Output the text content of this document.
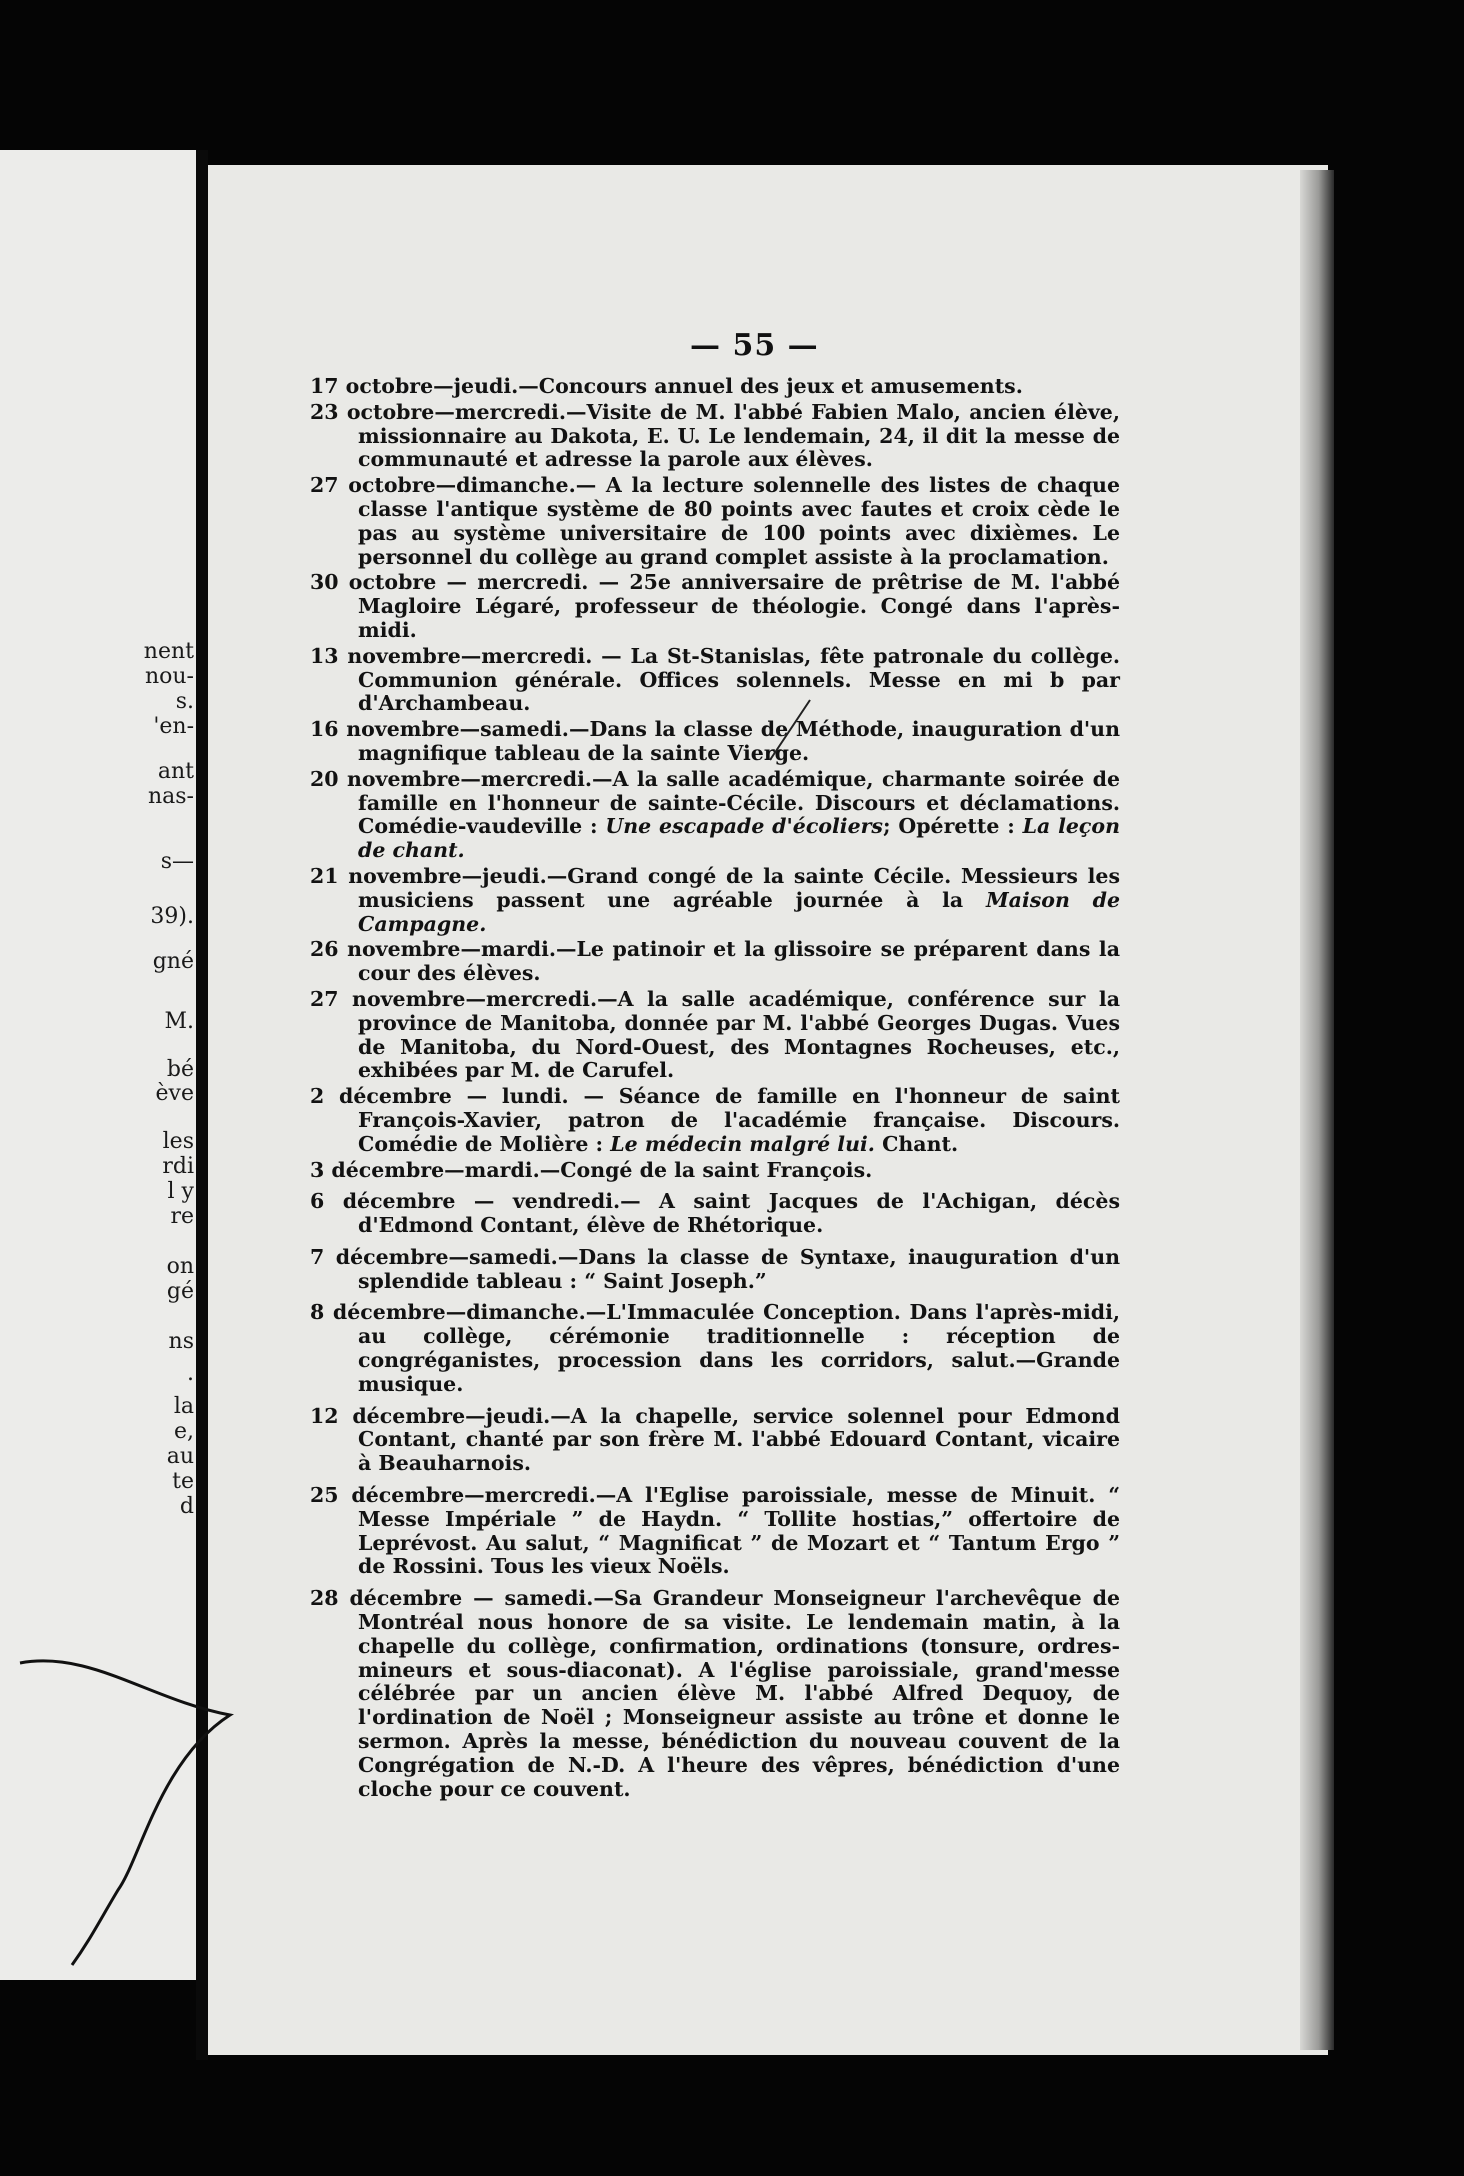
nent
nou-
s.
'en-
ant
nas-
s—
39).
gné
M.
bé
ève
les
rdi
l y
re
on
gé
ns
.
la
e,
au
te
d
— 55 —
17 octobre—jeudi.—Concours annuel des jeux et amusements.
23 octobre—mercredi.—Visite de M. l'abbé Fabien Malo, ancien élève, missionnaire au Dakota, E. U. Le lendemain, 24, il dit la messe de communauté et adresse la parole aux élèves.
27 octobre—dimanche.— A la lecture solennelle des listes de chaque classe l'antique système de 80 points avec fautes et croix cède le pas au système universitaire de 100 points avec dixièmes. Le personnel du collège au grand complet assiste à la proclamation.
30 octobre — mercredi. — 25e anniversaire de prêtrise de M. l'abbé Magloire Légaré, professeur de théologie. Congé dans l'après-midi.
13 novembre—mercredi. — La St-Stanislas, fête patronale du collège. Communion générale. Offices solennels. Messe en mi b par d'Archambeau.
16 novembre—samedi.—Dans la classe de Méthode, inauguration d'un magnifique tableau de la sainte Vierge.
20 novembre—mercredi.—A la salle académique, charmante soirée de famille en l'honneur de sainte-Cécile. Discours et déclamations. Comédie-vaudeville : Une escapade d'écoliers; Opérette : La leçon de chant.
21 novembre—jeudi.—Grand congé de la sainte Cécile. Messieurs les musiciens passent une agréable journée à la Maison de Campagne.
26 novembre—mardi.—Le patinoir et la glissoire se préparent dans la cour des élèves.
27 novembre—mercredi.—A la salle académique, conférence sur la province de Manitoba, donnée par M. l'abbé Georges Dugas. Vues de Manitoba, du Nord-Ouest, des Montagnes Rocheuses, etc., exhibées par M. de Carufel.
2 décembre — lundi. — Séance de famille en l'honneur de saint François-Xavier, patron de l'académie française. Discours. Comédie de Molière : Le médecin malgré lui. Chant.
3 décembre—mardi.—Congé de la saint François.
6 décembre — vendredi.— A saint Jacques de l'Achigan, décès d'Edmond Contant, élève de Rhétorique.
7 décembre—samedi.—Dans la classe de Syntaxe, inauguration d'un splendide tableau : “ Saint Joseph.”
8 décembre—dimanche.—L'Immaculée Conception. Dans l'après-midi, au collège, cérémonie traditionnelle : réception de congréganistes, procession dans les corridors, salut.—Grande musique.
12 décembre—jeudi.—A la chapelle, service solennel pour Edmond Contant, chanté par son frère M. l'abbé Edouard Contant, vicaire à Beauharnois.
25 décembre—mercredi.—A l'Eglise paroissiale, messe de Minuit. “ Messe Impériale ” de Haydn. “ Tollite hostias,” offertoire de Leprévost. Au salut, “ Magnificat ” de Mozart et “ Tantum Ergo ” de Rossini. Tous les vieux Noëls.
28 décembre — samedi.—Sa Grandeur Monseigneur l'archevêque de Montréal nous honore de sa visite. Le lendemain matin, à la chapelle du collège, confirmation, ordinations (tonsure, ordres-mineurs et sous-diaconat). A l'église paroissiale, grand'messe célébrée par un ancien élève M. l'abbé Alfred Dequoy, de l'ordination de Noël ; Monseigneur assiste au trône et donne le sermon. Après la messe, bénédiction du nouveau couvent de la Congrégation de N.-D. A l'heure des vêpres, bénédiction d'une cloche pour ce couvent.
